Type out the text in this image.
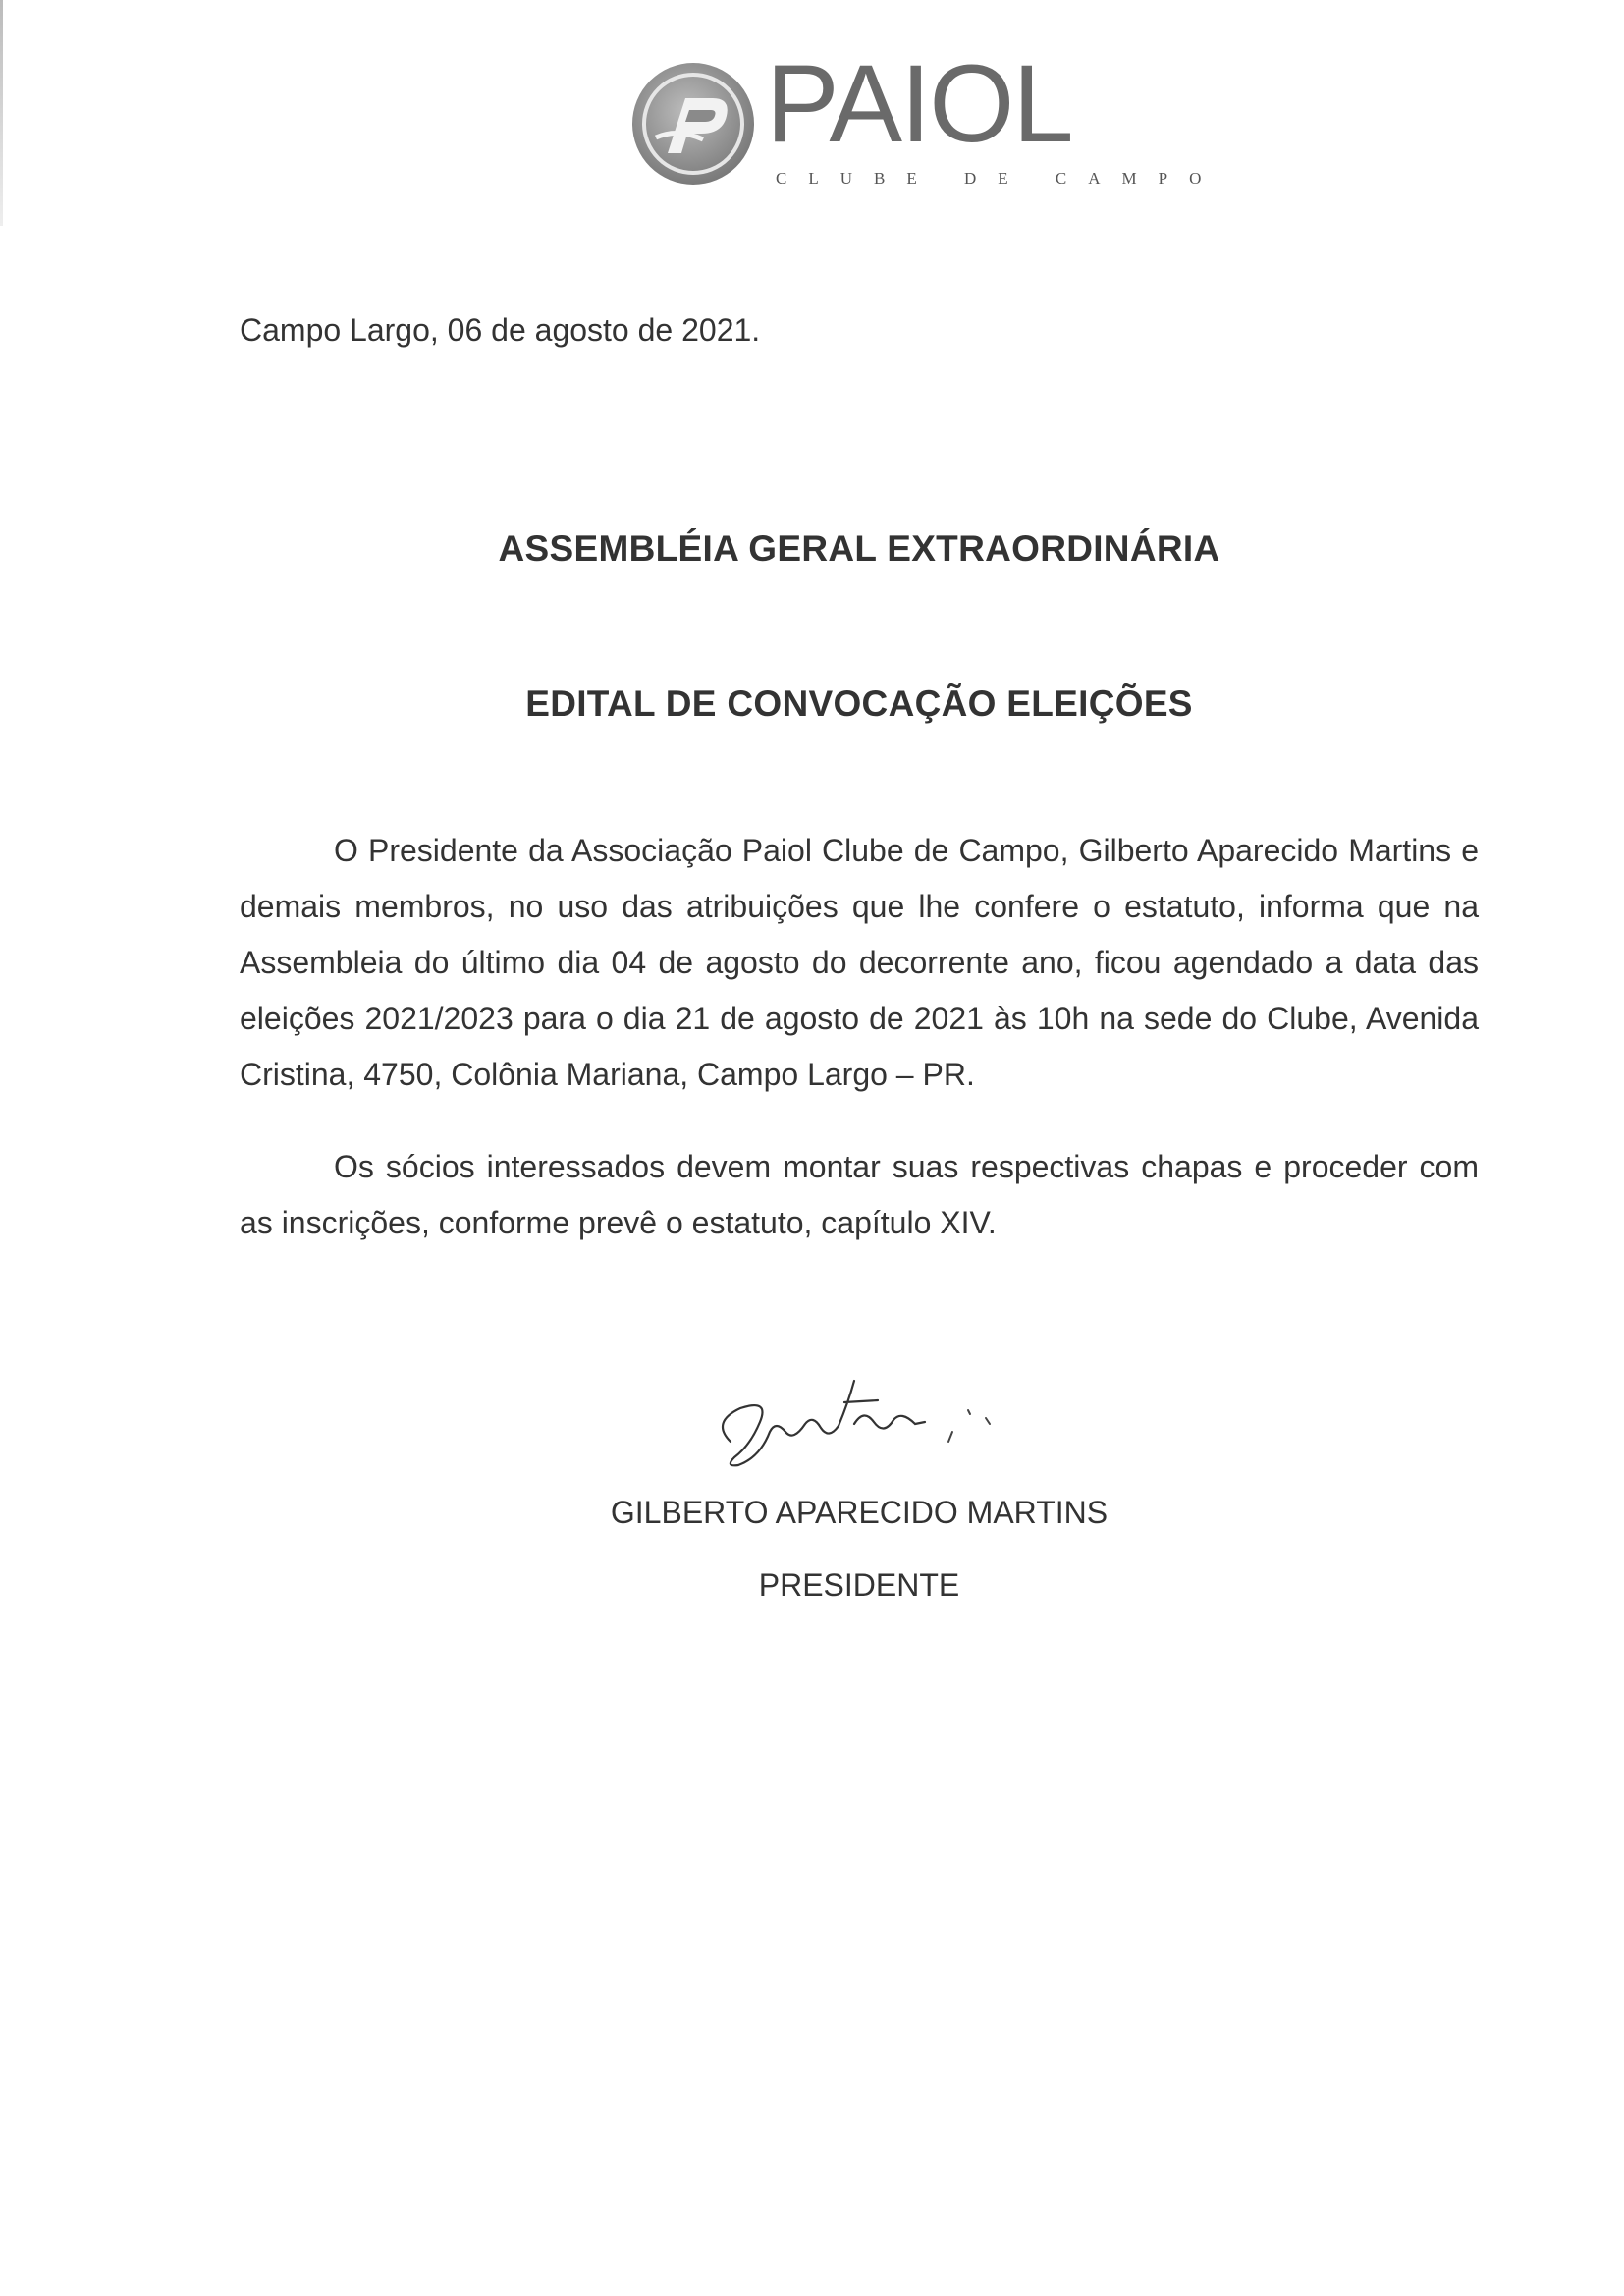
PAIOL
CLUBE DE CAMPO
Campo Largo, 06 de agosto de 2021.
ASSEMBLÉIA GERAL EXTRAORDINÁRIA
EDITAL DE CONVOCAÇÃO ELEIÇÕES
O Presidente da Associação Paiol Clube de Campo, Gilberto Aparecido Martins e demais membros, no uso das atribuições que lhe confere o estatuto, informa que na Assembleia do último dia 04 de agosto do decorrente ano, ficou agendado a data das eleições 2021/2023 para o dia 21 de agosto de 2021 às 10h na sede do Clube, Avenida Cristina, 4750, Colônia Mariana, Campo Largo – PR.
Os sócios interessados devem montar suas respectivas chapas e proceder com as inscrições, conforme prevê o estatuto, capítulo XIV.
GILBERTO APARECIDO MARTINS
PRESIDENTE
